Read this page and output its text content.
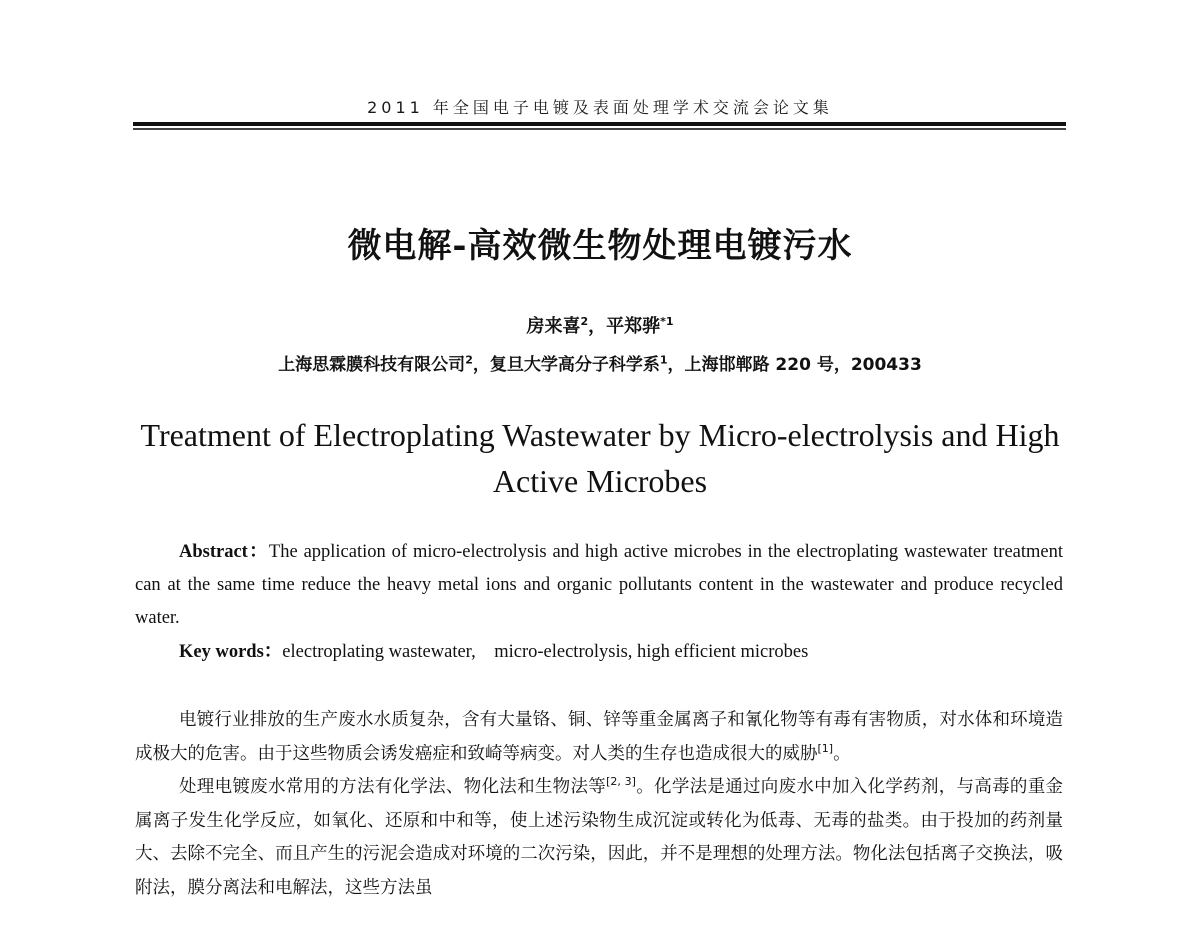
2011 年全国电子电镀及表面处理学术交流会论文集
微电解-高效微生物处理电镀污水
房来喜$^2$，平郑骅$^{*1}$
上海思霖膜科技有限公司$^2$，复旦大学高分子科学系$^1$，上海邯郸路 220 号，200433
Treatment of Electroplating Wastewater by Micro-electrolysis and High Active Microbes
Abstract：The application of micro-electrolysis and high active microbes in the electroplating wastewater treatment can at the same time reduce the heavy metal ions and organic pollutants content in the wastewater and produce recycled water.
Key words：electroplating wastewater,    micro-electrolysis, high efficient microbes

电镀行业排放的生产废水水质复杂，含有大量铬、铜、锌等重金属离子和氰化物等有毒有害物质，对水体和环境造成极大的危害。由于这些物质会诱发癌症和致崎等病变。对人类的生存也造成很大的威胁[1]。

处理电镀废水常用的方法有化学法、物化法和生物法等[2, 3]。化学法是通过向废水中加入化学药剂，与高毒的重金属离子发生化学反应，如氧化、还原和中和等，使上述污染物生成沉淀或转化为低毒、无毒的盐类。由于投加的药剂量大、去除不完全、而且产生的污泥会造成对环境的二次污染，因此，并不是理想的处理方法。物化法包括离子交换法，吸附法，膜分离法和电解法，这些方法虽
